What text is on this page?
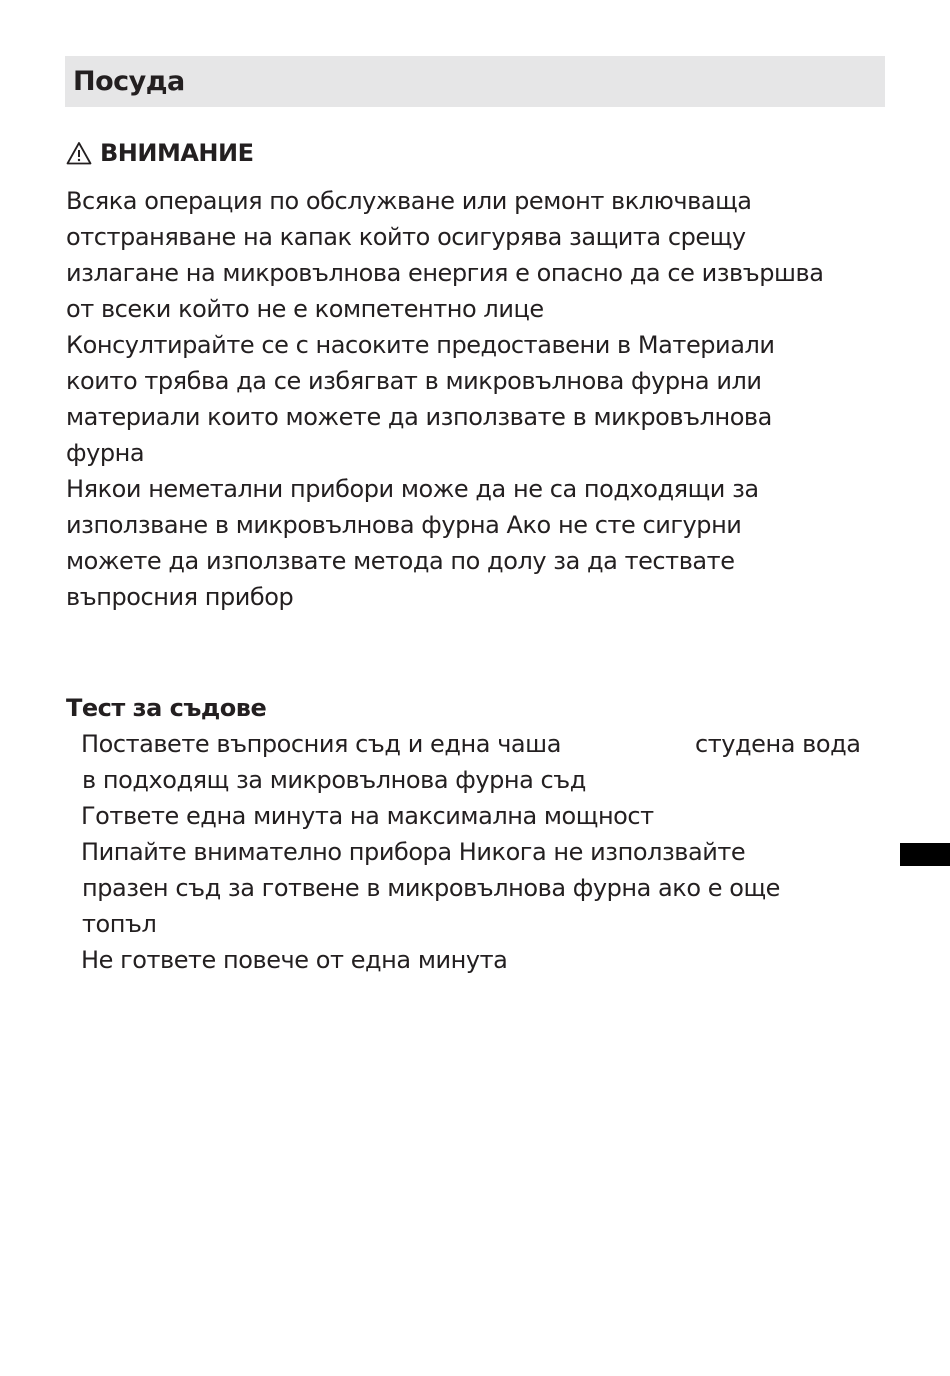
Посуда
ВНИМАНИЕ
Всяка операция по обслужване или ремонт включваща
отстраняване на капак който осигурява защита срещу
излагане на микровълнова енергия е опасно да се извършва
от всеки който не е компетентно лице
Консултирайте се с насоките предоставени в Материали
които трябва да се избягват в микровълнова фурна или
материали които можете да използвате в микровълнова
фурна
Някои неметални прибори може да не са подходящи за
използване в микровълнова фурна Ако не сте сигурни
можете да използвате метода по долу за да тествате
въпросния прибор
Тест за съдове
Поставете въпросния съд и една чаша	студена вода
в подходящ за микровълнова фурна съд
Гответе една минута на максимална мощност
Пипайте внимателно прибора Никога не използвайте
празен съд за готвене в микровълнова фурна ако е още
топъл
Не гответе повече от една минута
